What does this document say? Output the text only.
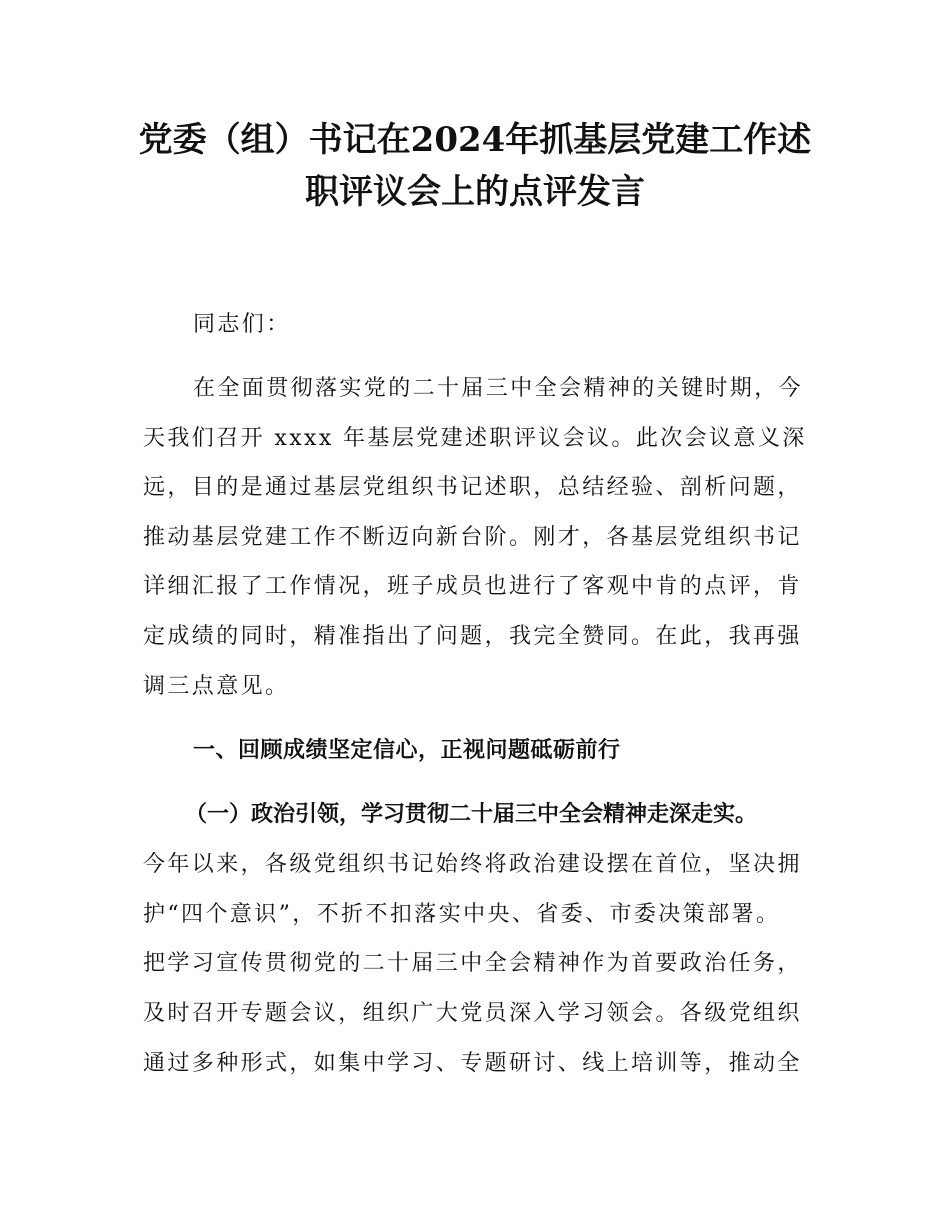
党委（组）书记在2024年抓基层党建工作述
职评议会上的点评发言
同志们：
在全面贯彻落实党的二十届三中全会精神的关键时期，今
天我们召开 xxxx 年基层党建述职评议会议。此次会议意义深
远，目的是通过基层党组织书记述职，总结经验、剖析问题，
推动基层党建工作不断迈向新台阶。刚才，各基层党组织书记
详细汇报了工作情况，班子成员也进行了客观中肯的点评，肯
定成绩的同时，精准指出了问题，我完全赞同。在此，我再强
调三点意见。
一、回顾成绩坚定信心，正视问题砥砺前行
（一）政治引领，学习贯彻二十届三中全会精神走深走实。
今年以来，各级党组织书记始终将政治建设摆在首位，坚决拥
护“四个意识”，不折不扣落实中央、省委、市委决策部署。
把学习宣传贯彻党的二十届三中全会精神作为首要政治任务，
及时召开专题会议，组织广大党员深入学习领会。各级党组织
通过多种形式，如集中学习、专题研讨、线上培训等，推动全
